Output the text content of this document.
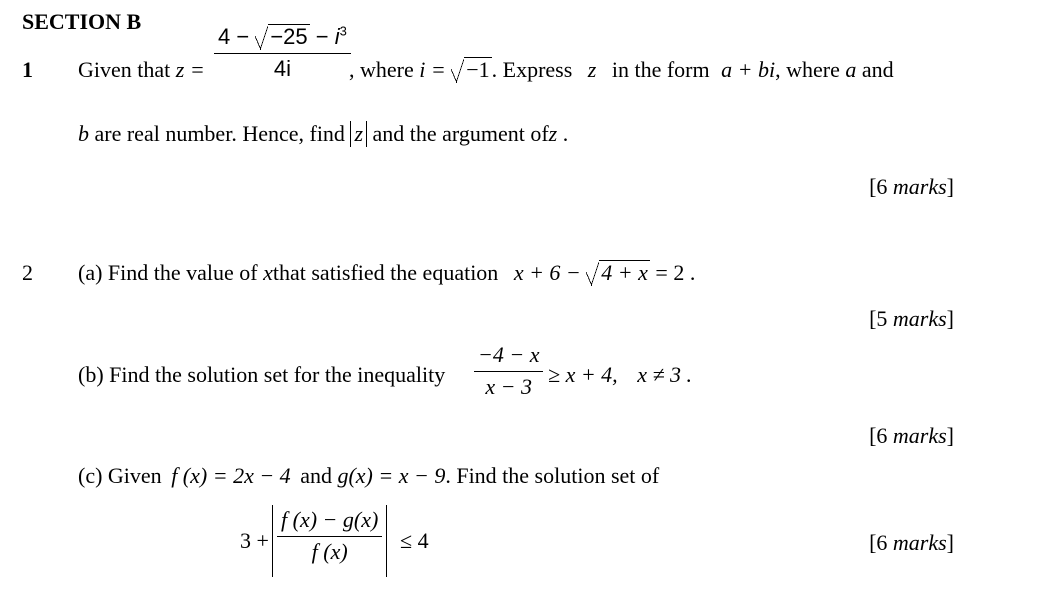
SECTION B
1 Given that $z = \frac{4 - -25 - i^3}{4i}$
, where i = −1. Express z in the form a + bi, where a and
b are real number. Hence, find z and the argument ofz .
[6 marks]
2 (a) Find the value of xthat satisfied the equation x + 6 − 4 + x = 2 .
[5 marks]
(b) Find the solution set for the inequality $\frac{-4 - x}{x - 3} \ge x + 4$, x ≠ 3 .
[6 marks]
(c) Given f (x) = 2x − 4 and g(x) = x − 9. Find the solution set of
$3 + \frac{f (x) - g(x)}{f (x)} \le 4$	[6 marks]
